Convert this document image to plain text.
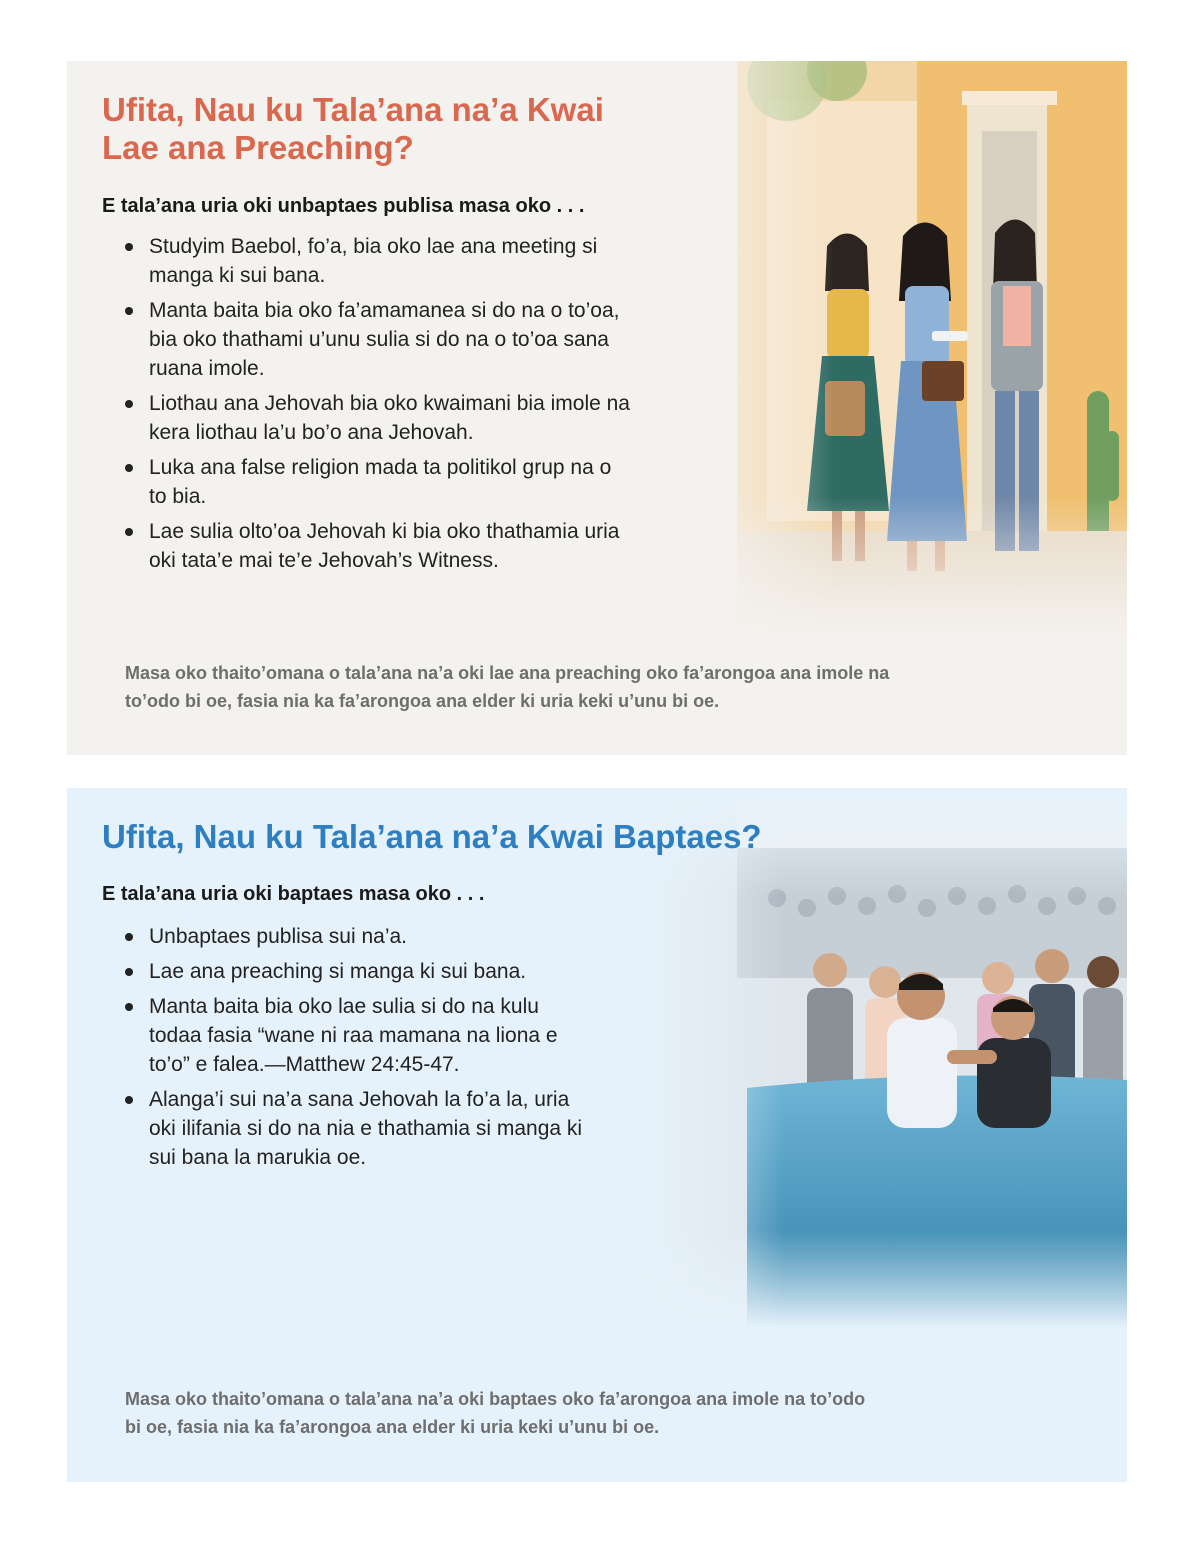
Ufita, Nau ku Tala’ana na’a Kwai Lae ana Preaching?

E tala’ana uria oki unbaptaes publisa masa oko . . .

Studyim Baebol, fo’a, bia oko lae ana meeting si manga ki sui bana.
Manta baita bia oko fa’amamanea si do na o to’oa, bia oko thathami u’unu sulia si do na o to’oa sana ruana imole.
Liothau ana Jehovah bia oko kwaimani bia imole na kera liothau la’u bo’o ana Jehovah.
Luka ana false religion mada ta politikol grup na o to bia.
Lae sulia olto’oa Jehovah ki bia oko thathamia uria oki tata’e mai te’e Jehovah’s Witness.

Masa oko thaito’omana o tala’ana na’a oki lae ana preaching oko fa’arongoa ana imole na to’odo bi oe, fasia nia ka fa’arongoa ana elder ki uria keki u’unu bi oe.

Ufita, Nau ku Tala’ana na’a Kwai Baptaes?

E tala’ana uria oki baptaes masa oko . . .

Unbaptaes publisa sui na’a.
Lae ana preaching si manga ki sui bana.
Manta baita bia oko lae sulia si do na kulu todaa fasia “wane ni raa mamana na liona e to’o” e falea.—Matthew 24:45-47.
Alanga’i sui na’a sana Jehovah la fo’a la, uria oki ilifania si do na nia e thathamia si manga ki sui bana la marukia oe.

Masa oko thaito’omana o tala’ana na’a oki baptaes oko fa’arongoa ana imole na to’odo bi oe, fasia nia ka fa’arongoa ana elder ki uria keki u’unu bi oe.
